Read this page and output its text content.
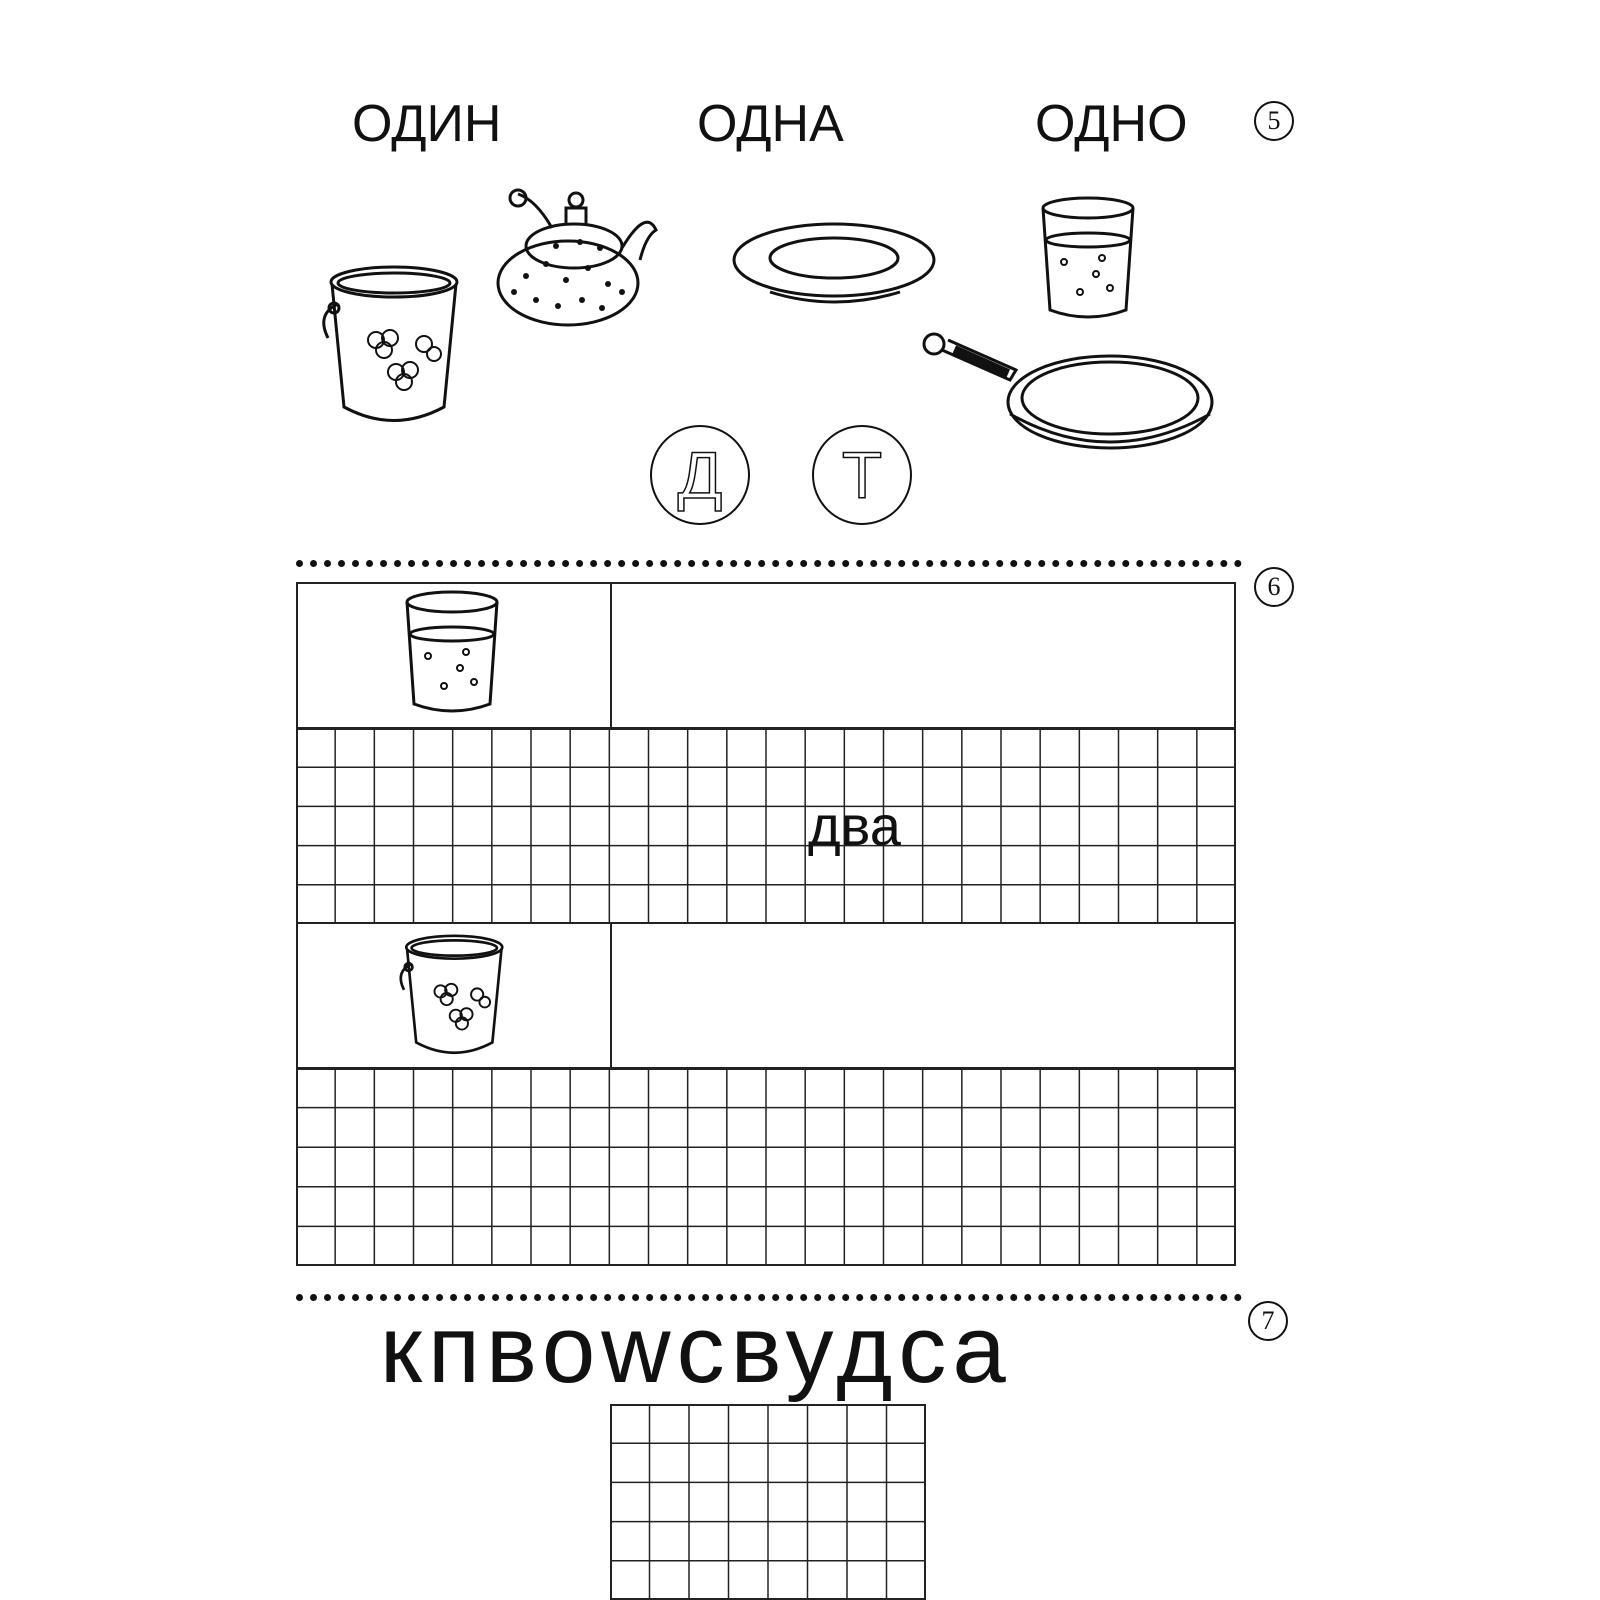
ОДИН	ОДНА	ОДНО	5
Д	Т
6
два
7
кпвоwсвудса
